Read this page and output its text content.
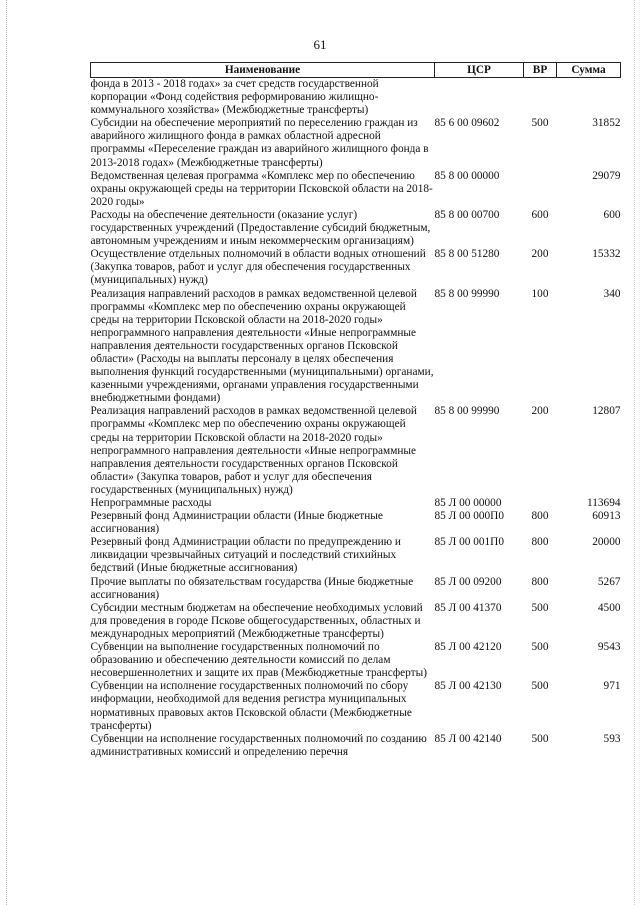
61
Наименование	ЦСР	ВР	Сумма
фонда в 2013 - 2018 годах» за счет средств государственной корпорации «Фонд содействия реформированию жилищно-коммунального хозяйства» (Межбюджетные трансферты)			
Субсидии на обеспечение мероприятий по переселению граждан из аварийного жилищного фонда в рамках областной адресной программы «Переселение граждан из аварийного жилищного фонда в 2013-2018 годах» (Межбюджетные трансферты)	85 6 00 09602	500	31852
Ведомственная целевая программа «Комплекс мер по обеспечению охраны окружающей среды на территории Псковской области на 2018-2020 годы»	85 8 00 00000		29079
Расходы на обеспечение деятельности (оказание услуг) государственных учреждений (Предоставление субсидий бюджетным, автономным учреждениям и иным некоммерческим организациям)	85 8 00 00700	600	600
Осуществление отдельных полномочий в области водных отношений (Закупка товаров, работ и услуг для обеспечения государственных (муниципальных) нужд)	85 8 00 51280	200	15332
Реализация направлений расходов в рамках ведомственной целевой программы «Комплекс мер по обеспечению охраны окружающей среды на территории Псковской области на 2018-2020 годы» непрограммного направления деятельности «Иные непрограммные направления деятельности государственных органов Псковской области» (Расходы на выплаты персоналу в целях обеспечения выполнения функций государственными (муниципальными) органами, казенными учреждениями, органами управления государственными внебюджетными фондами)	85 8 00 99990	100	340
Реализация направлений расходов в рамках ведомственной целевой программы «Комплекс мер по обеспечению охраны окружающей среды на территории Псковской области на 2018-2020 годы» непрограммного направления деятельности «Иные непрограммные направления деятельности государственных органов Псковской области» (Закупка товаров, работ и услуг для обеспечения государственных (муниципальных) нужд)	85 8 00 99990	200	12807
Непрограммные расходы	85 Л 00 00000		113694
Резервный фонд Администрации области (Иные бюджетные ассигнования)	85 Л 00 000П0	800	60913
Резервный фонд Администрации области по предупреждению и ликвидации чрезвычайных ситуаций и последствий стихийных бедствий (Иные бюджетные ассигнования)	85 Л 00 001П0	800	20000
Прочие выплаты по обязательствам государства (Иные бюджетные ассигнования)	85 Л 00 09200	800	5267
Субсидии местным бюджетам на обеспечение необходимых условий для проведения в городе Пскове общегосударственных, областных и международных мероприятий (Межбюджетные трансферты)	85 Л 00 41370	500	4500
Субвенции на выполнение государственных полномочий по образованию и обеспечению деятельности комиссий по делам несовершеннолетних и защите их прав (Межбюджетные трансферты)	85 Л 00 42120	500	9543
Субвенции на исполнение государственных полномочий по сбору информации, необходимой для ведения регистра муниципальных нормативных правовых актов Псковской области (Межбюджетные трансферты)	85 Л 00 42130	500	971
Субвенции на исполнение государственных полномочий по созданию административных комиссий и определению перечня	85 Л 00 42140	500	593
